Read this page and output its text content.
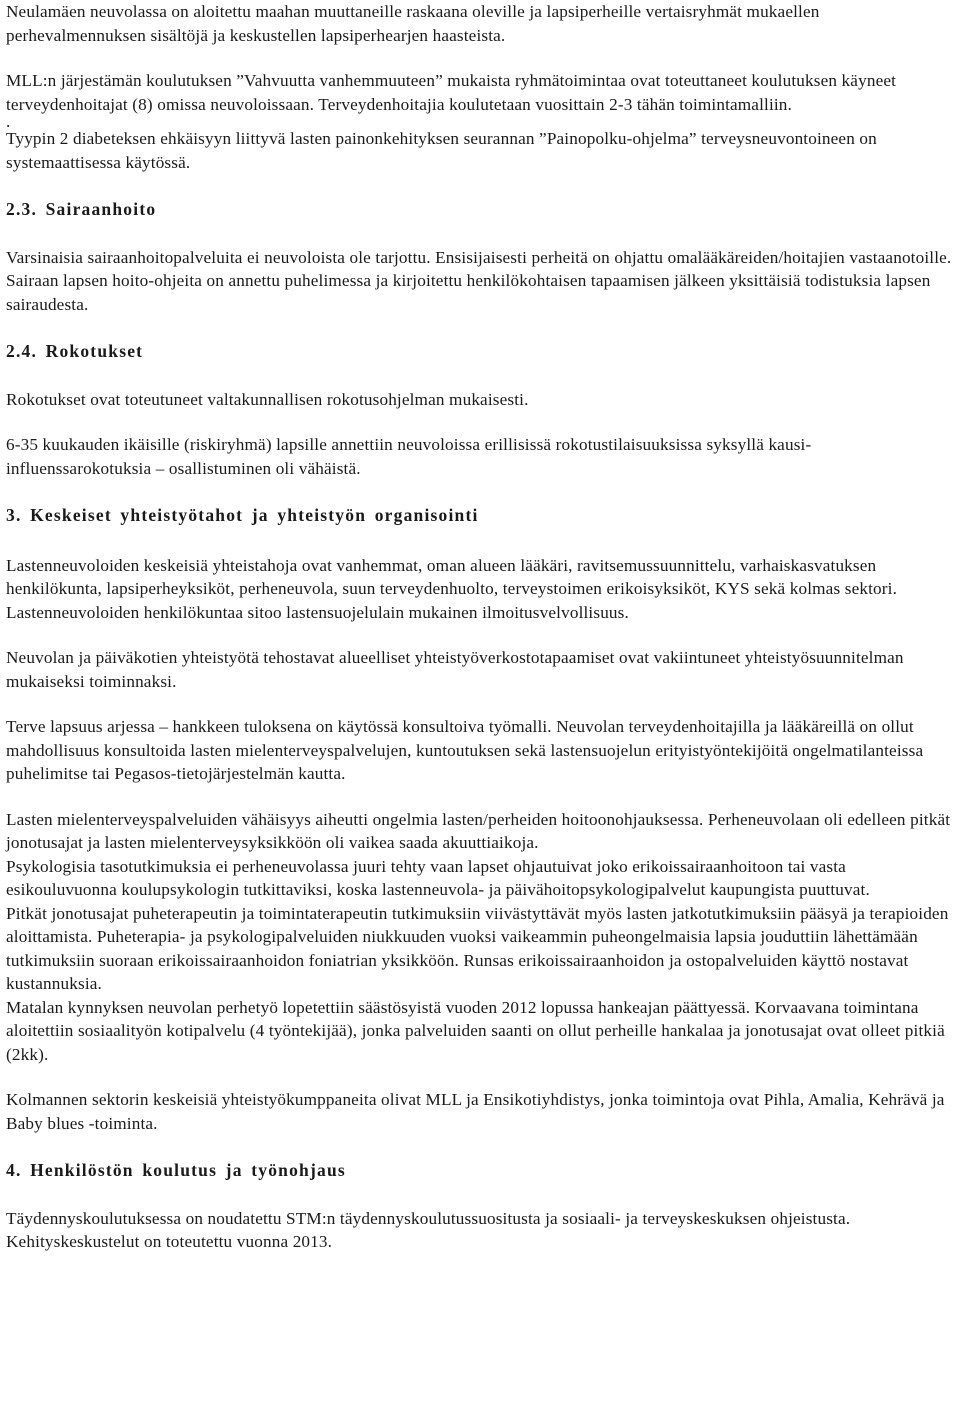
Neulamäen neuvolassa on aloitettu maahan muuttaneille raskaana oleville ja lapsiperheille vertaisryhmät mukaellen perhevalmennuksen sisältöjä ja keskustellen lapsiperhearjen haasteista.

MLL:n järjestämän koulutuksen ”Vahvuutta vanhemmuuteen” mukaista ryhmätoimintaa ovat toteuttaneet koulutuksen käyneet terveydenhoitajat (8) omissa neuvoloissaan. Terveydenhoitajia koulutetaan vuosittain 2-3 tähän toimintamalliin.

.

Tyypin 2 diabeteksen ehkäisyyn liittyvä lasten painonkehityksen seurannan ”Painopolku-ohjelma” terveysneuvontoineen on systemaattisessa käytössä.

2.3. Sairaanhoito

Varsinaisia sairaanhoitopalveluita ei neuvoloista ole tarjottu. Ensisijaisesti perheitä on ohjattu omalääkäreiden/hoitajien vastaanotoille. Sairaan lapsen hoito-ohjeita on annettu puhelimessa ja kirjoitettu henkilökohtaisen tapaamisen jälkeen yksittäisiä todistuksia lapsen sairaudesta.

2.4. Rokotukset

Rokotukset ovat toteutuneet valtakunnallisen rokotusohjelman mukaisesti.

6-35 kuukauden ikäisille (riskiryhmä) lapsille annettiin neuvoloissa erillisissä rokotustilaisuuksissa syksyllä kausi-influenssarokotuksia – osallistuminen oli vähäistä.

3. Keskeiset yhteistyötahot ja yhteistyön organisointi

Lastenneuvoloiden keskeisiä yhteistahoja ovat vanhemmat, oman alueen lääkäri, ravitsemussuunnittelu, varhaiskasvatuksen henkilökunta, lapsiperheyksiköt, perheneuvola, suun terveydenhuolto, terveystoimen erikoisyksiköt, KYS sekä kolmas sektori. Lastenneuvoloiden henkilökuntaa sitoo lastensuojelulain mukainen ilmoitusvelvollisuus.

Neuvolan ja päiväkotien yhteistyötä tehostavat alueelliset yhteistyöverkostotapaamiset ovat vakiintuneet yhteistyösuunnitelman mukaiseksi toiminnaksi.

Terve lapsuus arjessa – hankkeen tuloksena on käytössä konsultoiva työmalli. Neuvolan terveydenhoitajilla ja lääkäreillä on ollut mahdollisuus konsultoida lasten mielenterveyspalvelujen, kuntoutuksen sekä lastensuojelun erityistyöntekijöitä ongelmatilanteissa puhelimitse tai Pegasos-tietojärjestelmän kautta.

Lasten mielenterveyspalveluiden vähäisyys aiheutti ongelmia lasten/perheiden hoitoonohjauksessa. Perheneuvolaan oli edelleen pitkät jonotusajat ja lasten mielenterveysyksikköön oli vaikea saada akuuttiaikoja.

Psykologisia tasotutkimuksia ei perheneuvolassa juuri tehty vaan lapset ohjautuivat joko erikoissairaanhoitoon tai vasta esikouluvuonna koulupsykologin tutkittaviksi, koska lastenneuvola- ja päivähoitopsykologipalvelut kaupungista puuttuvat.

Pitkät jonotusajat puheterapeutin ja toimintaterapeutin tutkimuksiin viivästyttävät myös lasten jatkotutkimuksiin pääsyä ja terapioiden aloittamista. Puheterapia- ja psykologipalveluiden niukkuuden vuoksi vaikeammin puheongelmaisia lapsia jouduttiin lähettämään tutkimuksiin suoraan erikoissairaanhoidon foniatrian yksikköön. Runsas erikoissairaanhoidon ja ostopalveluiden käyttö nostavat kustannuksia.

Matalan kynnyksen neuvolan perhetyö lopetettiin säästösyistä vuoden 2012 lopussa hankeajan päättyessä. Korvaavana toimintana aloitettiin sosiaalityön kotipalvelu (4 työntekijää), jonka palveluiden saanti on ollut perheille hankalaa ja jonotusajat ovat olleet pitkiä (2kk).

Kolmannen sektorin keskeisiä yhteistyökumppaneita olivat MLL ja Ensikotiyhdistys, jonka toimintoja ovat Pihla, Amalia, Kehrävä ja Baby blues -toiminta.

4. Henkilöstön koulutus ja työnohjaus

Täydennyskoulutuksessa on noudatettu STM:n täydennyskoulutussuositusta ja sosiaali- ja terveyskeskuksen ohjeistusta. Kehityskeskustelut on toteutettu vuonna 2013.
